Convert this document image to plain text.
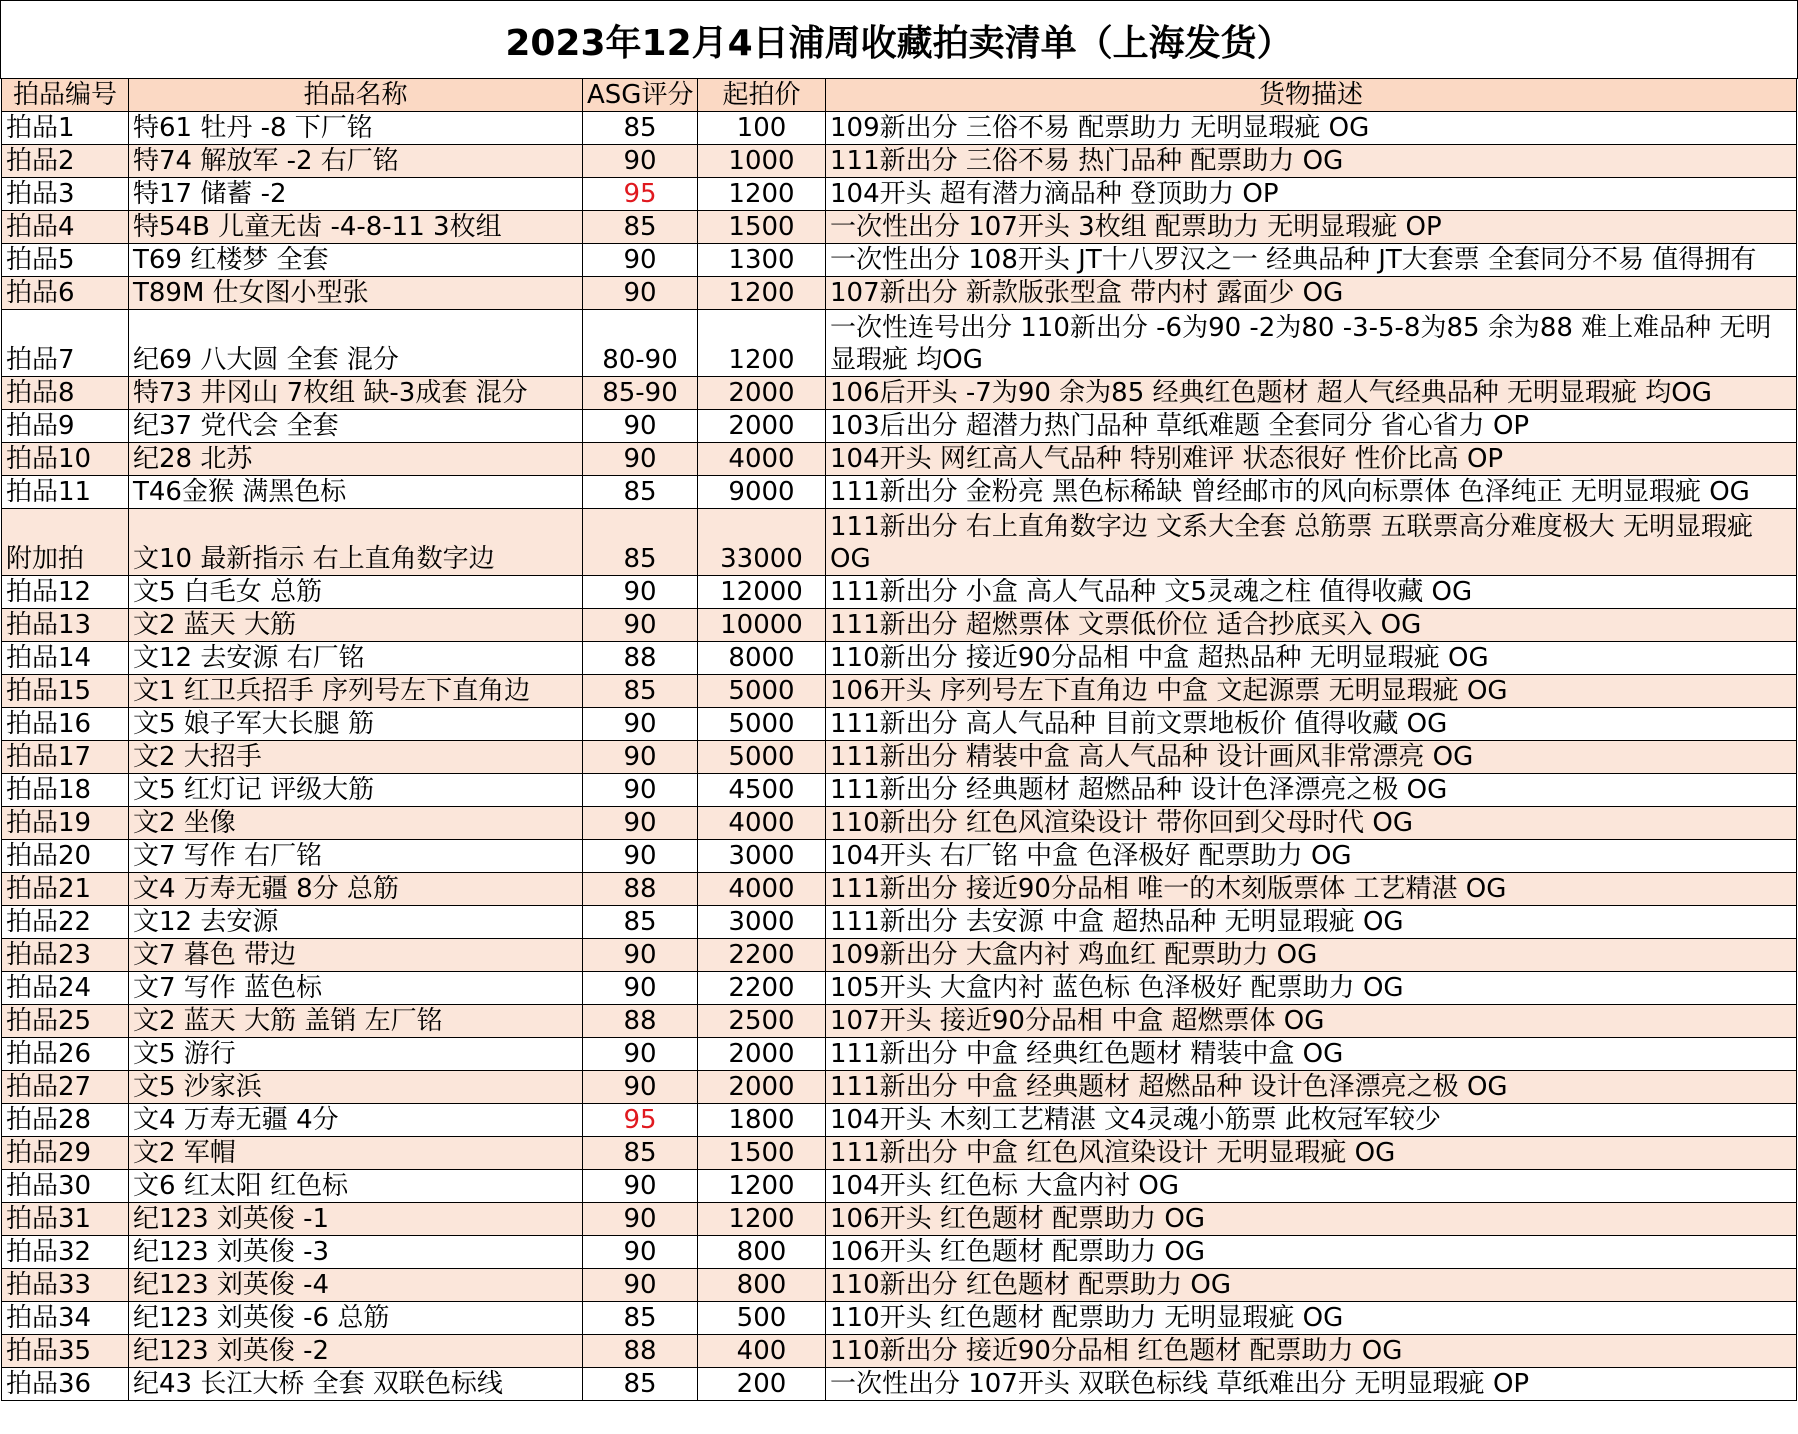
2023年12月4日浦周收藏拍卖清单（上海发货）
拍品编号	拍品名称	ASG评分	起拍价	货物描述
拍品1	特61 牡丹 -8 下厂铭	85	100	109新出分 三俗不易 配票助力 无明显瑕疵 OG
拍品2	特74 解放军 -2 右厂铭	90	1000	111新出分 三俗不易 热门品种 配票助力 OG
拍品3	特17 储蓄 -2	95	1200	104开头 超有潜力滴品种 登顶助力 OP
拍品4	特54B 儿童无齿 -4-8-11 3枚组	85	1500	一次性出分 107开头 3枚组 配票助力 无明显瑕疵 OP
拍品5	T69 红楼梦 全套	90	1300	一次性出分 108开头 JT十八罗汉之一 经典品种 JT大套票 全套同分不易 值得拥有
拍品6	T89M 仕女图小型张	90	1200	107新出分 新款版张型盒 带内村 露面少 OG
拍品7	纪69 八大圆 全套 混分	80-90	1200	一次性连号出分 110新出分 -6为90 -2为80 -3-5-8为85 余为88 难上难品种 无明显瑕疵 均OG
拍品8	特73 井冈山 7枚组 缺-3成套 混分	85-90	2000	106后开头 -7为90 余为85 经典红色题材 超人气经典品种 无明显瑕疵 均OG
拍品9	纪37 党代会 全套	90	2000	103后出分 超潜力热门品种 草纸难题 全套同分 省心省力 OP
拍品10	纪28 北苏	90	4000	104开头 网红高人气品种 特别难评 状态很好 性价比高 OP
拍品11	T46金猴 满黑色标	85	9000	111新出分 金粉亮 黑色标稀缺 曾经邮市的风向标票体 色泽纯正 无明显瑕疵 OG
附加拍	文10 最新指示 右上直角数字边	85	33000	111新出分 右上直角数字边 文系大全套 总筋票 五联票高分难度极大 无明显瑕疵OG
拍品12	文5 白毛女 总筋	90	12000	111新出分 小盒 高人气品种 文5灵魂之柱 值得收藏 OG
拍品13	文2 蓝天 大筋	90	10000	111新出分 超燃票体 文票低价位 适合抄底买入 OG
拍品14	文12 去安源 右厂铭	88	8000	110新出分 接近90分品相 中盒 超热品种 无明显瑕疵 OG
拍品15	文1 红卫兵招手 序列号左下直角边	85	5000	106开头 序列号左下直角边 中盒 文起源票 无明显瑕疵 OG
拍品16	文5 娘子军大长腿 筋	90	5000	111新出分 高人气品种 目前文票地板价 值得收藏 OG
拍品17	文2 大招手	90	5000	111新出分 精装中盒 高人气品种 设计画风非常漂亮 OG
拍品18	文5 红灯记 评级大筋	90	4500	111新出分 经典题材 超燃品种 设计色泽漂亮之极 OG
拍品19	文2 坐像	90	4000	110新出分 红色风渲染设计 带你回到父母时代 OG
拍品20	文7 写作 右厂铭	90	3000	104开头 右厂铭 中盒 色泽极好 配票助力 OG
拍品21	文4 万寿无疆 8分 总筋	88	4000	111新出分 接近90分品相 唯一的木刻版票体 工艺精湛 OG
拍品22	文12 去安源	85	3000	111新出分 去安源 中盒 超热品种 无明显瑕疵 OG
拍品23	文7 暮色 带边	90	2200	109新出分 大盒内衬 鸡血红 配票助力 OG
拍品24	文7 写作 蓝色标	90	2200	105开头 大盒内衬 蓝色标 色泽极好 配票助力 OG
拍品25	文2 蓝天 大筋 盖销 左厂铭	88	2500	107开头 接近90分品相 中盒 超燃票体 OG
拍品26	文5 游行	90	2000	111新出分 中盒 经典红色题材 精装中盒 OG
拍品27	文5 沙家浜	90	2000	111新出分 中盒 经典题材 超燃品种 设计色泽漂亮之极 OG
拍品28	文4 万寿无疆 4分	95	1800	104开头 木刻工艺精湛 文4灵魂小筋票 此枚冠军较少
拍品29	文2 军帽	85	1500	111新出分 中盒 红色风渲染设计 无明显瑕疵 OG
拍品30	文6 红太阳 红色标	90	1200	104开头 红色标 大盒内衬 OG
拍品31	纪123 刘英俊 -1	90	1200	106开头 红色题材 配票助力 OG
拍品32	纪123 刘英俊 -3	90	800	106开头 红色题材 配票助力 OG
拍品33	纪123 刘英俊 -4	90	800	110新出分 红色题材 配票助力 OG
拍品34	纪123 刘英俊 -6 总筋	85	500	110开头 红色题材 配票助力 无明显瑕疵 OG
拍品35	纪123 刘英俊 -2	88	400	110新出分 接近90分品相 红色题材 配票助力 OG
拍品36	纪43 长江大桥 全套 双联色标线	85	200	一次性出分 107开头 双联色标线 草纸难出分 无明显瑕疵 OP
